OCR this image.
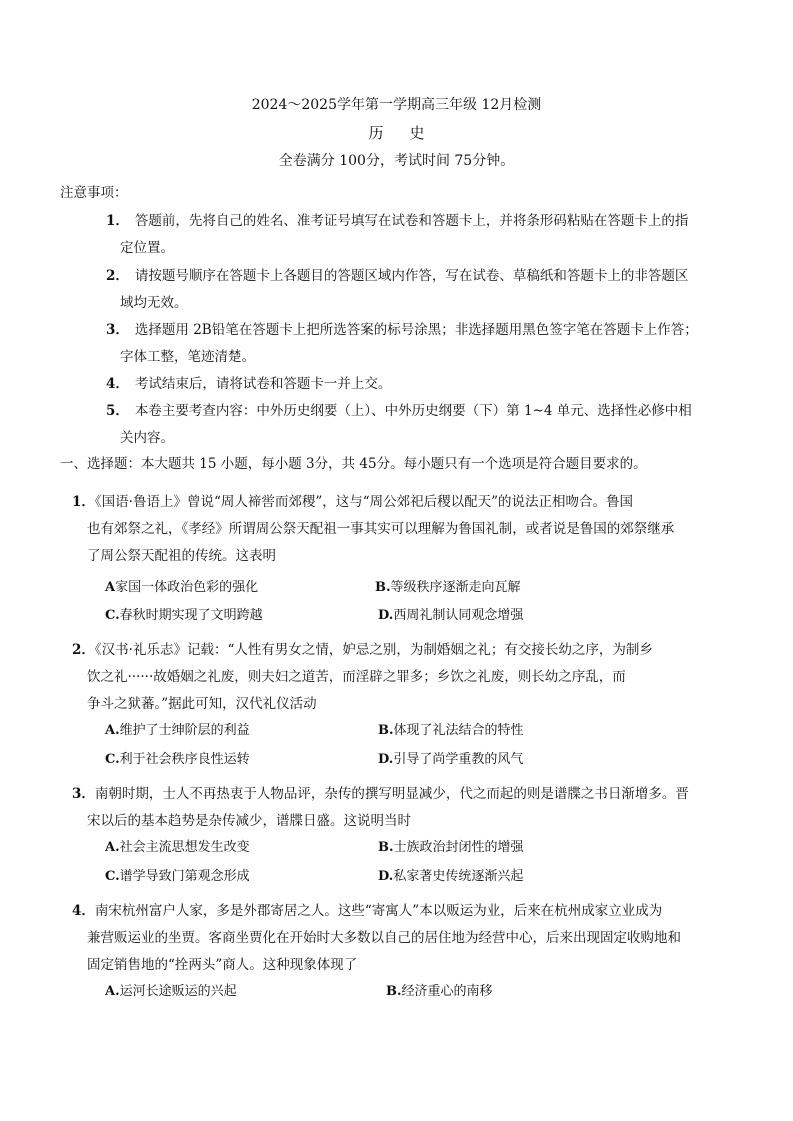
2024～2025学年第一学期高三年级 12月检测
历史
全卷满分 100分，考试时间 75分钟。
注意事项：
1． 答题前，先将自己的姓名、准考证号填写在试卷和答题卡上，并将条形码粘贴在答题卡上的指
定位置。
2． 请按题号顺序在答题卡上各题目的答题区域内作答，写在试卷、草稿纸和答题卡上的非答题区
域均无效。
3． 选择题用 2B铅笔在答题卡上把所选答案的标号涂黑；非选择题用黑色签字笔在答题卡上作答；
字体工整，笔迹清楚。
4． 考试结束后，请将试卷和答题卡一并上交。
5． 本卷主要考查内容：中外历史纲要（上）、中外历史纲要（下）第 1~4 单元、选择性必修中相
关内容。
一、选择题：本大题共 15 小题，每小题 3分，共 45分。每小题只有一个选项是符合题目要求的。
1．《国语·鲁语上》曾说“周人禘喾而郊稷”，这与“周公郊祀后稷以配天”的说法正相吻合。鲁国
也有郊祭之礼，《孝经》所谓周公祭天配祖一事其实可以理解为鲁国礼制，或者说是鲁国的郊祭继承
了周公祭天配祖的传统。这表明
A家国一体政治色彩的强化	B.等级秩序逐渐走向瓦解
C.春秋时期实现了文明跨越	D.西周礼制认同观念增强
2．《汉书·礼乐志》记载：“人性有男女之情，妒忌之别，为制婚姻之礼；有交接长幼之序，为制乡
饮之礼······故婚姻之礼废，则夫妇之道苦，而淫辟之罪多；乡饮之礼废，则长幼之序乱，而
争斗之狱蕃。”据此可知，汉代礼仪活动
A.维护了士绅阶层的利益	B.体现了礼法结合的特性
C.利于社会秩序良性运转	D.引导了尚学重教的风气
3．南朝时期，士人不再热衷于人物品评，杂传的撰写明显减少，代之而起的则是谱牒之书日渐增多。晋
宋以后的基本趋势是杂传减少，谱牒日盛。这说明当时
A.社会主流思想发生改变	B.士族政治封闭性的增强
C.谱学导致门第观念形成	D.私家著史传统逐渐兴起
4．南宋杭州富户人家，多是外郡寄居之人。这些“寄寓人”本以贩运为业，后来在杭州成家立业成为
兼营贩运业的坐贾。客商坐贾化在开始时大多数以自己的居住地为经营中心，后来出现固定收购地和
固定销售地的“拴两头”商人。这种现象体现了
A.运河长途贩运的兴起	B.经济重心的南移
